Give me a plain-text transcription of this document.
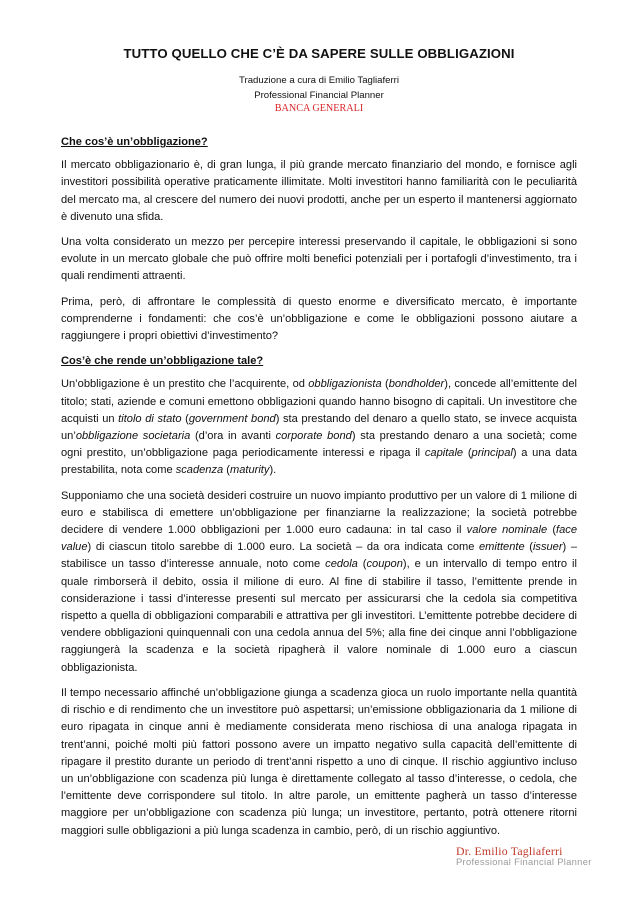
TUTTO QUELLO CHE C’È DA SAPERE SULLE OBBLIGAZIONI
Traduzione a cura di Emilio Tagliaferri
Professional Financial Planner
BANCA GENERALI
Che cos’è un’obbligazione?

Il mercato obbligazionario è, di gran lunga, il più grande mercato finanziario del mondo, e fornisce agli investitori possibilità operative praticamente illimitate. Molti investitori hanno familiarità con le peculiarità del mercato ma, al crescere del numero dei nuovi prodotti, anche per un esperto il mantenersi aggiornato è divenuto una sfida.

Una volta considerato un mezzo per percepire interessi preservando il capitale, le obbligazioni si sono evolute in un mercato globale che può offrire molti benefici potenziali per i portafogli d’investimento, tra i quali rendimenti attraenti.

Prima, però, di affrontare le complessità di questo enorme e diversificato mercato, è importante comprenderne i fondamenti: che cos’è un’obbligazione e come le obbligazioni possono aiutare a raggiungere i propri obiettivi d’investimento?

Cos’è che rende un’obbligazione tale?

Un’obbligazione è un prestito che l’acquirente, od obbligazionista (bondholder), concede all’emittente del titolo; stati, aziende e comuni emettono obbligazioni quando hanno bisogno di capitali. Un investitore che acquisti un titolo di stato (government bond) sta prestando del denaro a quello stato, se invece acquista un’obbligazione societaria (d’ora in avanti corporate bond) sta prestando denaro a una società; come ogni prestito, un’obbligazione paga periodicamente interessi e ripaga il capitale (principal) a una data prestabilita, nota come scadenza (maturity).

Supponiamo che una società desideri costruire un nuovo impianto produttivo per un valore di 1 milione di euro e stabilisca di emettere un’obbligazione per finanziarne la realizzazione; la società potrebbe decidere di vendere 1.000 obbligazioni per 1.000 euro cadauna: in tal caso il valore nominale (face value) di ciascun titolo sarebbe di 1.000 euro. La società – da ora indicata come emittente (issuer) – stabilisce un tasso d’interesse annuale, noto come cedola (coupon), e un intervallo di tempo entro il quale rimborserà il debito, ossia il milione di euro. Al fine di stabilire il tasso, l’emittente prende in considerazione i tassi d’interesse presenti sul mercato per assicurarsi che la cedola sia competitiva rispetto a quella di obbligazioni comparabili e attrattiva per gli investitori. L’emittente potrebbe decidere di vendere obbligazioni quinquennali con una cedola annua del 5%; alla fine dei cinque anni l’obbligazione raggiungerà la scadenza e la società ripagherà il valore nominale di 1.000 euro a ciascun obbligazionista.

Il tempo necessario affinché un’obbligazione giunga a scadenza gioca un ruolo importante nella quantità di rischio e di rendimento che un investitore può aspettarsi; un’emissione obbligazionaria da 1 milione di euro ripagata in cinque anni è mediamente considerata meno rischiosa di una analoga ripagata in trent’anni, poiché molti più fattori possono avere un impatto negativo sulla capacità dell’emittente di ripagare il prestito durante un periodo di trent’anni rispetto a uno di cinque. Il rischio aggiuntivo incluso un un’obbligazione con scadenza più lunga è direttamente collegato al tasso d’interesse, o cedola, che l’emittente deve corrispondere sul titolo. In altre parole, un emittente pagherà un tasso d’interesse maggiore per un’obbligazione con scadenza più lunga; un investitore, pertanto, potrà ottenere ritorni maggiori sulle obbligazioni a più lunga scadenza in cambio, però, di un rischio aggiuntivo.

Dr. Emilio Tagliaferri
Professional Financial Planner
